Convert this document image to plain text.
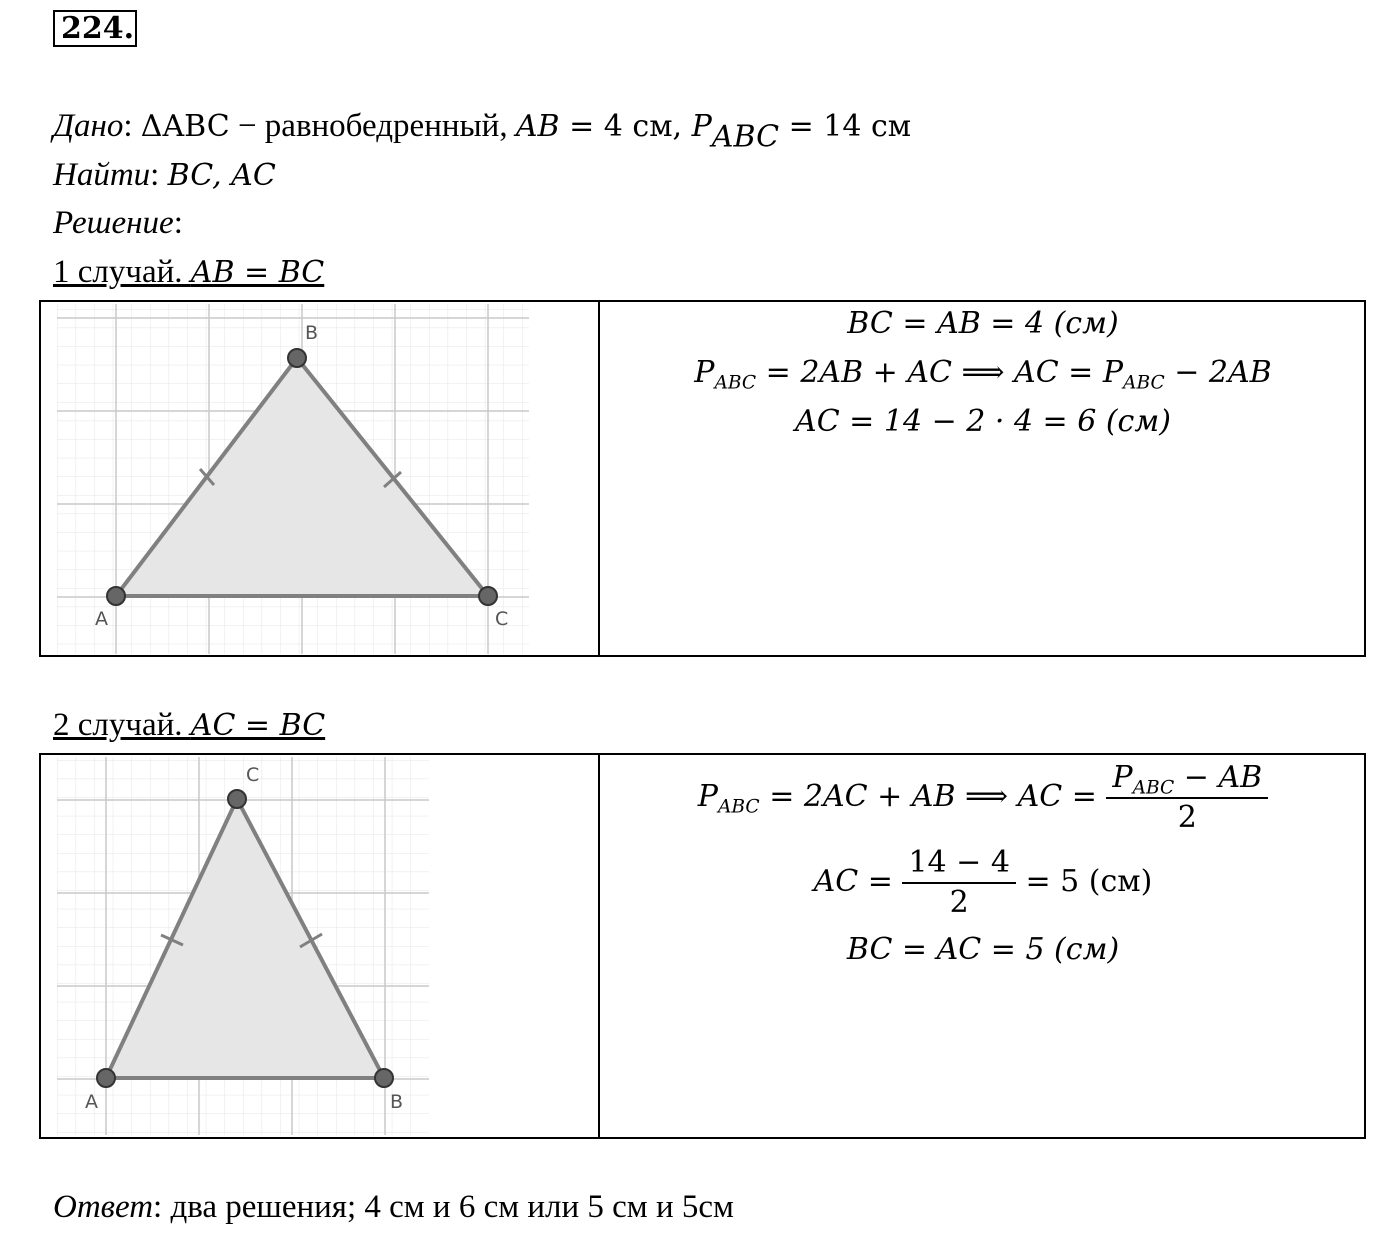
224.
Дано: ΔABC − равнобедренный, AB = 4 см, $P_{ABC} = 14$ см
Найти: BC, AC
Решение:
1 случай. AB = BC
A
B
C
BC = AB = 4 (см)
$P_{ABC} = 2AB$ + AC ⟹ AC = $P_{ABC} - 2AB$
AC = 14 − 2 · 4 = 6 (см)
2 случай. AC = BC
A	B
C
$P_{ABC} = 2AC$ + AB ⟹ AC = $\frac{P_{ABC} - AB}{2}$
AC = $\frac{14 - 4}{2} = 5$ (см)
BC = AC = 5 (см)
Ответ: два решения; 4 см и 6 см или 5 см и 5см
